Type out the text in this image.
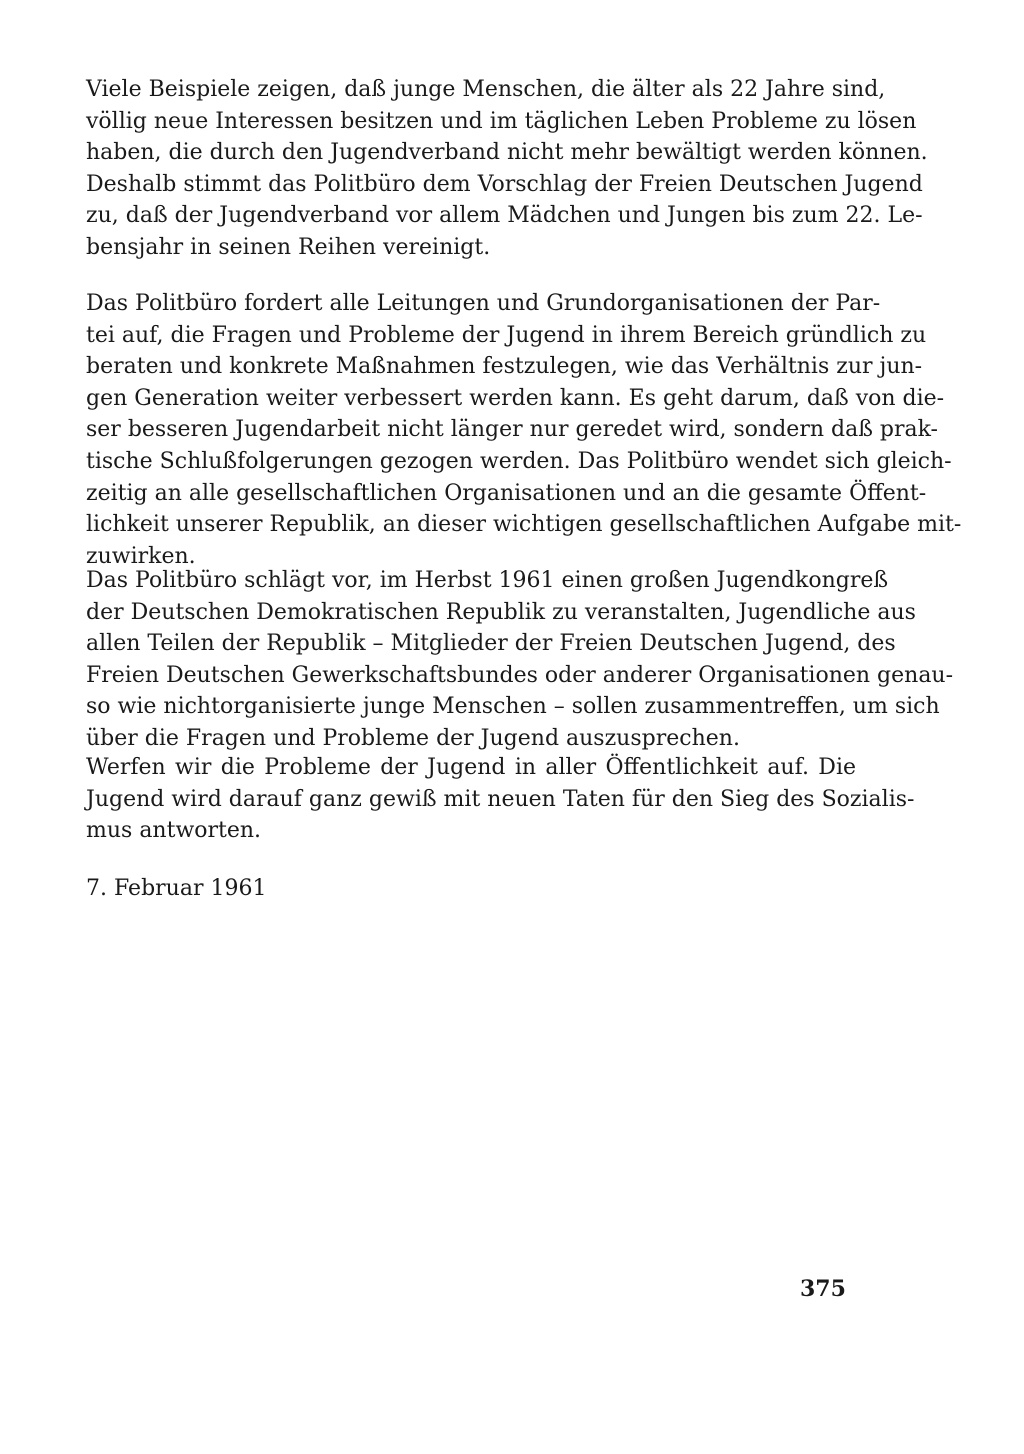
Viele Beispiele zeigen, daß junge Menschen, die älter als 22 Jahre sind,
völlig neue Interessen besitzen und im täglichen Leben Probleme zu lösen
haben, die durch den Jugendverband nicht mehr bewältigt werden können.
Deshalb stimmt das Politbüro dem Vorschlag der Freien Deutschen Jugend
zu, daß der Jugendverband vor allem Mädchen und Jungen bis zum 22. Le-
bensjahr in seinen Reihen vereinigt.
Das Politbüro fordert alle Leitungen und Grundorganisationen der Par-
tei auf, die Fragen und Probleme der Jugend in ihrem Bereich gründlich zu
beraten und konkrete Maßnahmen festzulegen, wie das Verhältnis zur jun-
gen Generation weiter verbessert werden kann. Es geht darum, daß von die-
ser besseren Jugendarbeit nicht länger nur geredet wird, sondern daß prak-
tische Schlußfolgerungen gezogen werden. Das Politbüro wendet sich gleich-
zeitig an alle gesellschaftlichen Organisationen und an die gesamte Öffent-
lichkeit unserer Republik, an dieser wichtigen gesellschaftlichen Aufgabe mit-
zuwirken.
Das Politbüro schlägt vor, im Herbst 1961 einen großen Jugendkongreß
der Deutschen Demokratischen Republik zu veranstalten, Jugendliche aus
allen Teilen der Republik – Mitglieder der Freien Deutschen Jugend, des
Freien Deutschen Gewerkschaftsbundes oder anderer Organisationen genau-
so wie nichtorganisierte junge Menschen – sollen zusammentreffen, um sich
über die Fragen und Probleme der Jugend auszusprechen.
Werfen wir die Probleme der Jugend in aller Öffentlichkeit auf. Die
Jugend wird darauf ganz gewiß mit neuen Taten für den Sieg des Sozialis-
mus antworten.
7. Februar 1961
375
